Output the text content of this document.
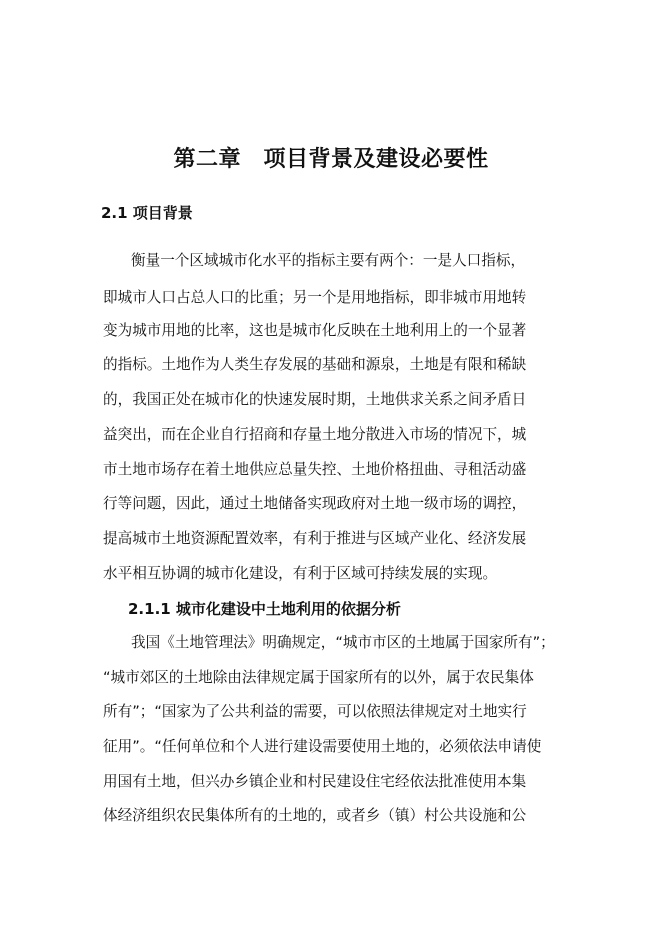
第二章　项目背景及建设必要性
2.1 项目背景
衡量一个区域城市化水平的指标主要有两个：一是人口指标，
即城市人口占总人口的比重；另一个是用地指标，即非城市用地转
变为城市用地的比率，这也是城市化反映在土地利用上的一个显著
的指标。土地作为人类生存发展的基础和源泉，土地是有限和稀缺
的，我国正处在城市化的快速发展时期，土地供求关系之间矛盾日
益突出，而在企业自行招商和存量土地分散进入市场的情况下，城
市土地市场存在着土地供应总量失控、土地价格扭曲、寻租活动盛
行等问题，因此，通过土地储备实现政府对土地一级市场的调控，
提高城市土地资源配置效率，有利于推进与区域产业化、经济发展
水平相互协调的城市化建设，有利于区域可持续发展的实现。
2.1.1 城市化建设中土地利用的依据分析
我国《土地管理法》明确规定，“城市市区的土地属于国家所有”；
“城市郊区的土地除由法律规定属于国家所有的以外，属于农民集体
所有”；“国家为了公共利益的需要，可以依照法律规定对土地实行
征用”。“任何单位和个人进行建设需要使用土地的，必须依法申请使
用国有土地，但兴办乡镇企业和村民建设住宅经依法批准使用本集
体经济组织农民集体所有的土地的，或者乡（镇）村公共设施和公
